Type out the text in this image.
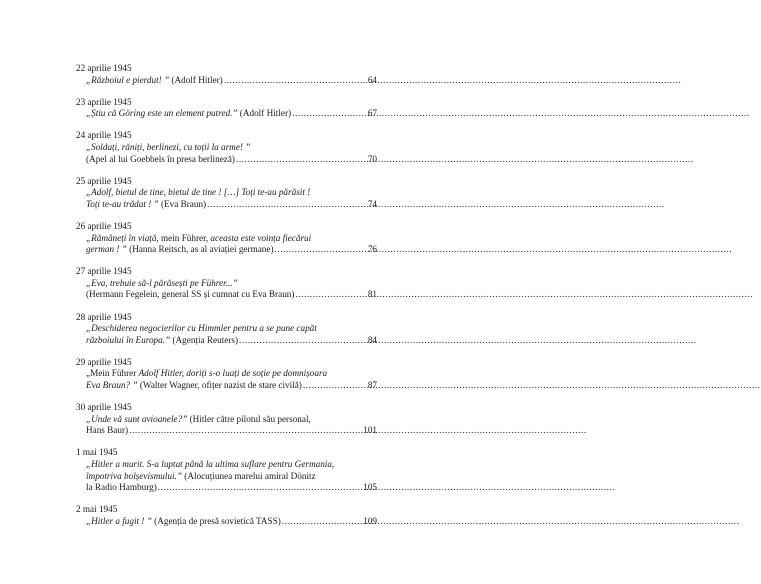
22 aprilie 1945
„Războiul e pierdut! ” (Adolf Hitler) .....	64
23 aprilie 1945
„Știu că Göring este un element putred.” (Adolf Hitler) .....	67
24 aprilie 1945
„Soldați, răniți, berlinezi, cu toții la arme! ”
(Apel al lui Goebbels în presa berlineză) .....	70
25 aprilie 1945
„Adolf, bietul de tine, bietul de tine ! […] Toți te-au părăsit !
Toți te-au trădat ! ” (Eva Braun) .....	74
26 aprilie 1945
„Rămâneți în viață, mein Führer, aceasta este voința fiecărui
german ! ” (Hanna Reitsch, as al aviației germane) .....	76
27 aprilie 1945
„Eva, trebuie să-l părăsești pe Führer...”
(Hermann Fegelein, general SS și cumnat cu Eva Braun) .....	81
28 aprilie 1945
„Deschiderea negocierilor cu Himmler pentru a se pune capăt
războiului în Europa.” (Agenția Reuters) .....	84
29 aprilie 1945
„Mein Führer Adolf Hitler, doriți s-o luați de soție pe domnișoara
Eva Braun? ” (Walter Wagner, ofițer nazist de stare civilă) .....	87
30 aprilie 1945
„Unde vă sunt avioanele?” (Hitler către pilotul său personal,
Hans Baur) .....	101
1 mai 1945
„Hitler a murit. S-a luptat până la ultima suflare pentru Germania,
împotriva bolșevismului.” (Alocuțiunea marelui amiral Dönitz
la Radio Hamburg) .....	105
2 mai 1945
„Hitler a fugit ! ” (Agenția de presă sovietică TASS) .....	109
